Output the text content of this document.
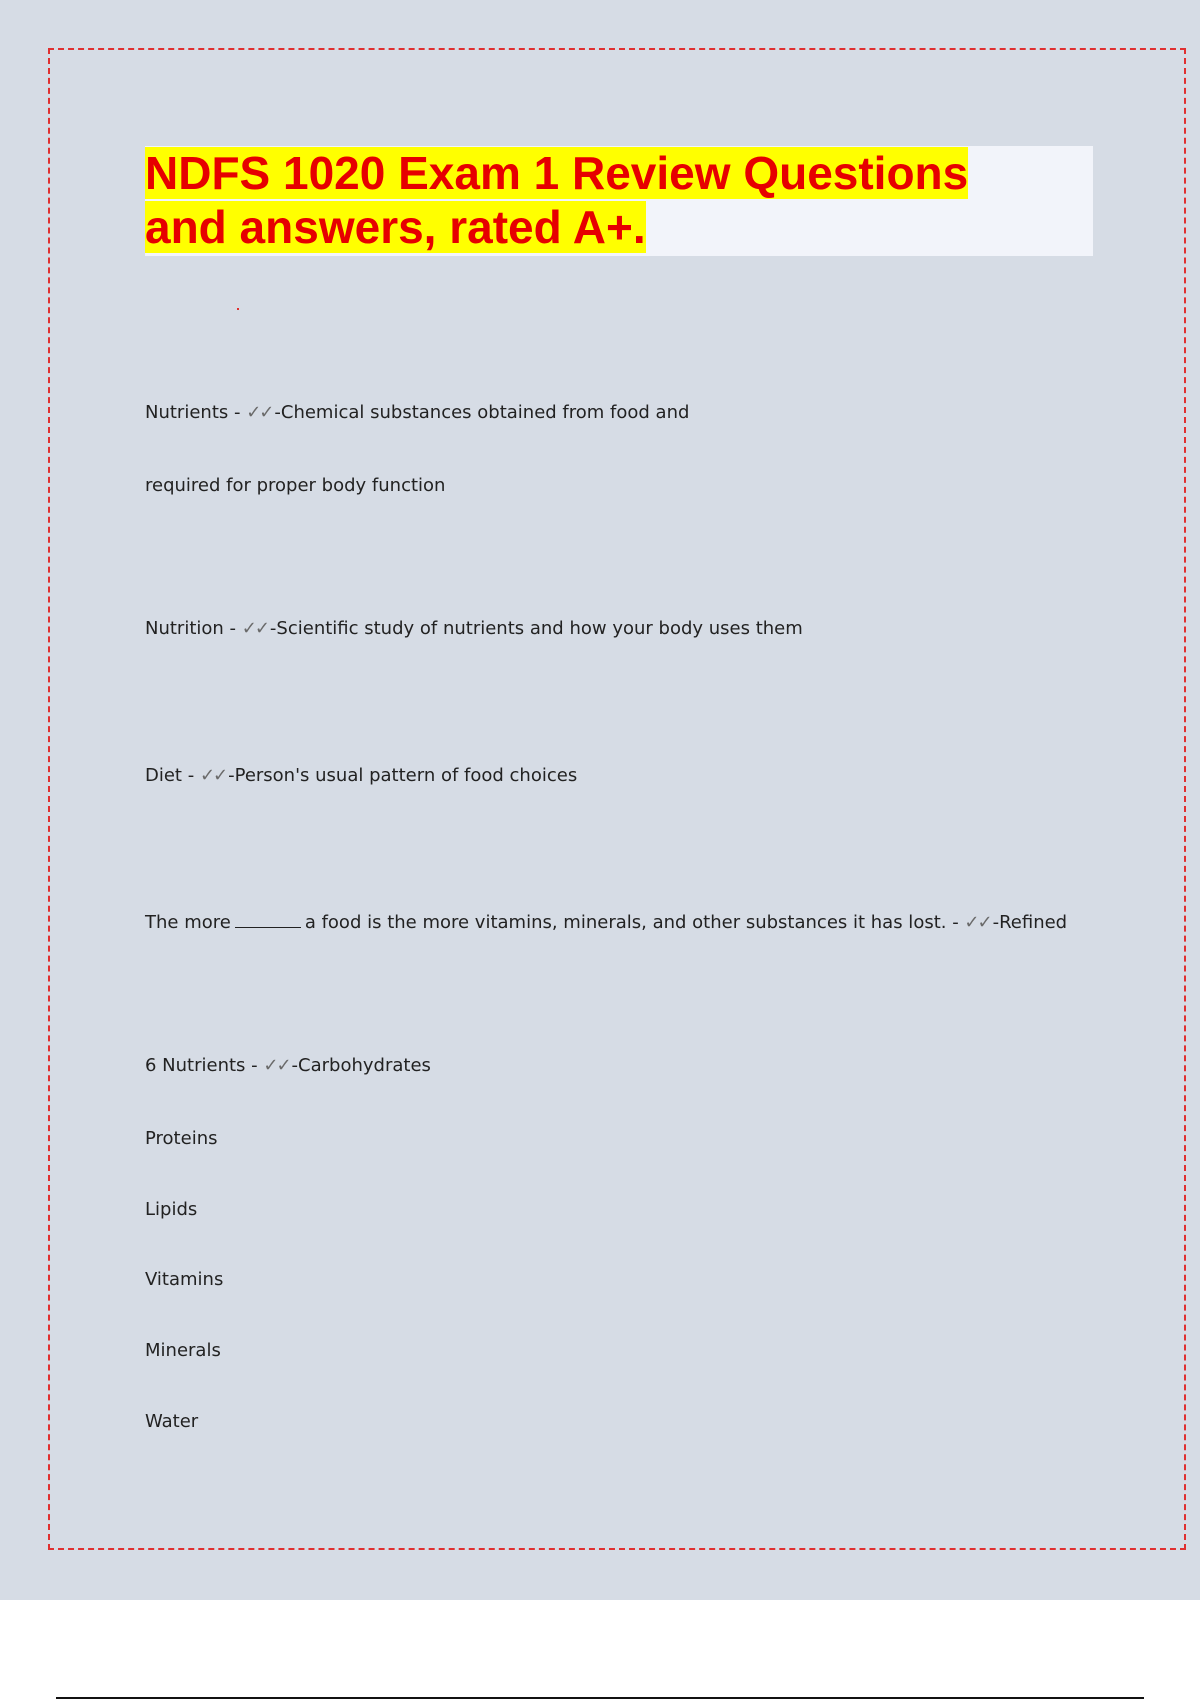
NDFS 1020 Exam 1 Review Questions
and answers, rated A+.

Nutrients - ✓✓ -Chemical substances obtained from food and

required for proper body function

Nutrition - ✓✓ -Scientific study of nutrients and how your body uses them

Diet - ✓✓ -Person's usual pattern of food choices

The more	a food is the more vitamins, minerals, and other substances it has lost. - ✓✓ -Refined

6 Nutrients - ✓✓ -Carbohydrates

Proteins

Lipids

Vitamins

Minerals

Water
